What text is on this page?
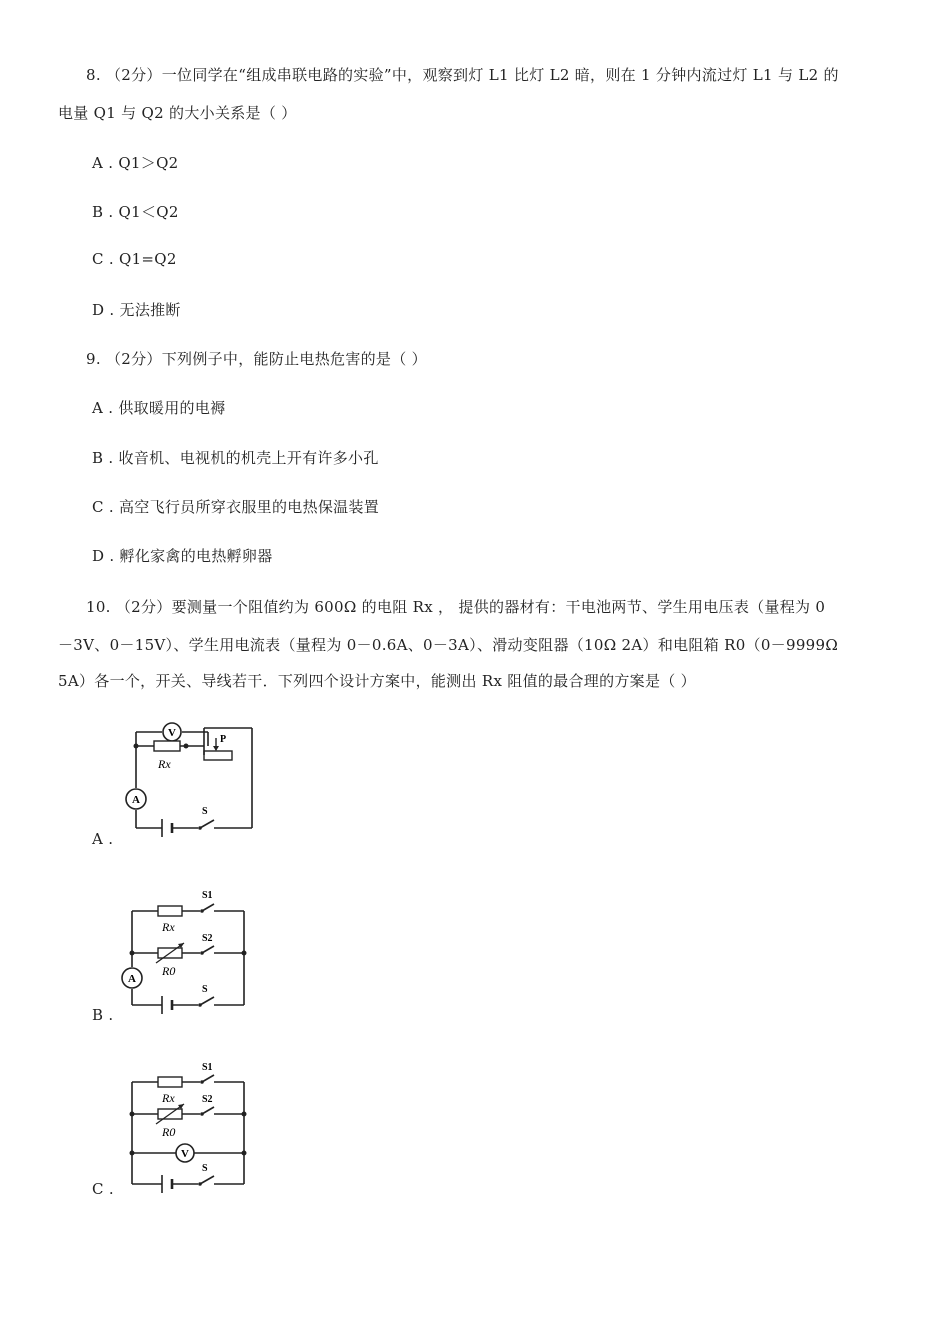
8. （2分）一位同学在“组成串联电路的实验”中，观察到灯 L1 比灯 L2 暗，则在 1 分钟内流过灯 L1 与 L2 的
电量 Q1 与 Q2 的大小关系是（ ）
A . Q1＞Q2
B . Q1＜Q2
C . Q1=Q2
D . 无法推断
9. （2分）下列例子中，能防止电热危害的是（ ）
A . 供取暖用的电褥
B . 收音机、电视机的机壳上开有许多小孔
C . 高空飞行员所穿衣服里的电热保温装置
D . 孵化家禽的电热孵卵器
10. （2分）要测量一个阻值约为 600Ω 的电阻 Rx ， 提供的器材有：干电池两节、学生用电压表（量程为 0
－3V、0－15V）、学生用电流表（量程为 0－0.6A、0－3A）、滑动变阻器（10Ω 2A）和电阻箱 R0（0－9999Ω
5A）各一个，开关、导线若干．下列四个设计方案中，能测出 Rx 阻值的最合理的方案是（ ）
A .
V
Rx
P
A
S
B .
Rx
S1
R0
S2
A
S
C .
Rx
S1
R0
S2
V
S
